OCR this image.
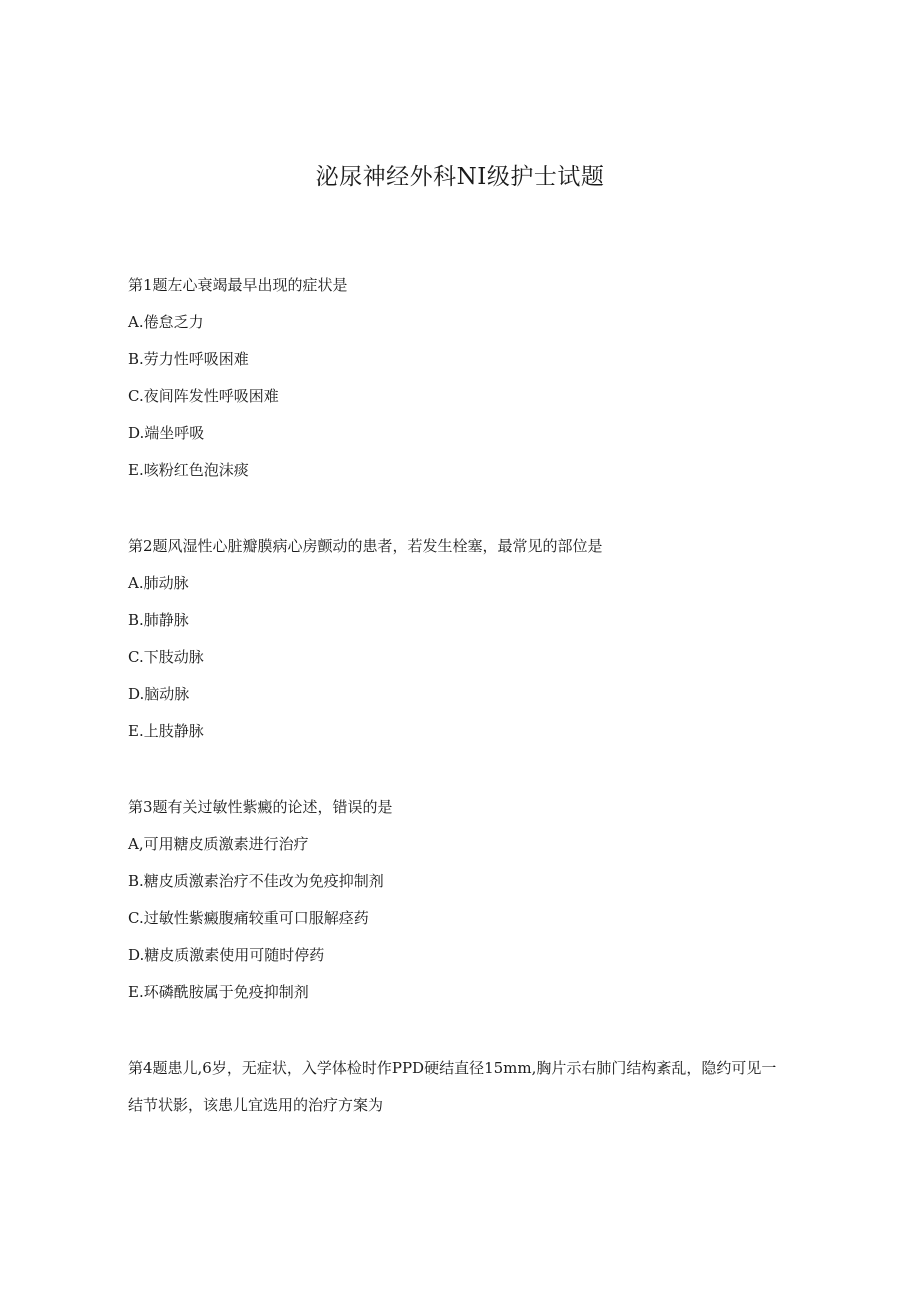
泌尿神经外科NI级护士试题

第1题左心衰竭最早出现的症状是

A.倦怠乏力

B.劳力性呼吸困难

C.夜间阵发性呼吸困难

D.端坐呼吸

E.咳粉红色泡沫痰

第2题风湿性心脏瓣膜病心房颤动的患者，若发生栓塞，最常见的部位是

A.肺动脉

B.肺静脉

C.下肢动脉

D.脑动脉

E.上肢静脉

第3题有关过敏性紫癜的论述，错误的是

A,可用糖皮质激素进行治疗

B.糖皮质激素治疗不佳改为免疫抑制剂

C.过敏性紫癜腹痛较重可口服解痉药

D.糖皮质激素使用可随时停药

E.环磷酰胺属于免疫抑制剂

第4题患儿,6岁，无症状，入学体检时作PPD硬结直径15mm,胸片示右肺门结构紊乱，隐约可见一结节状影，该患儿宜选用的治疗方案为
